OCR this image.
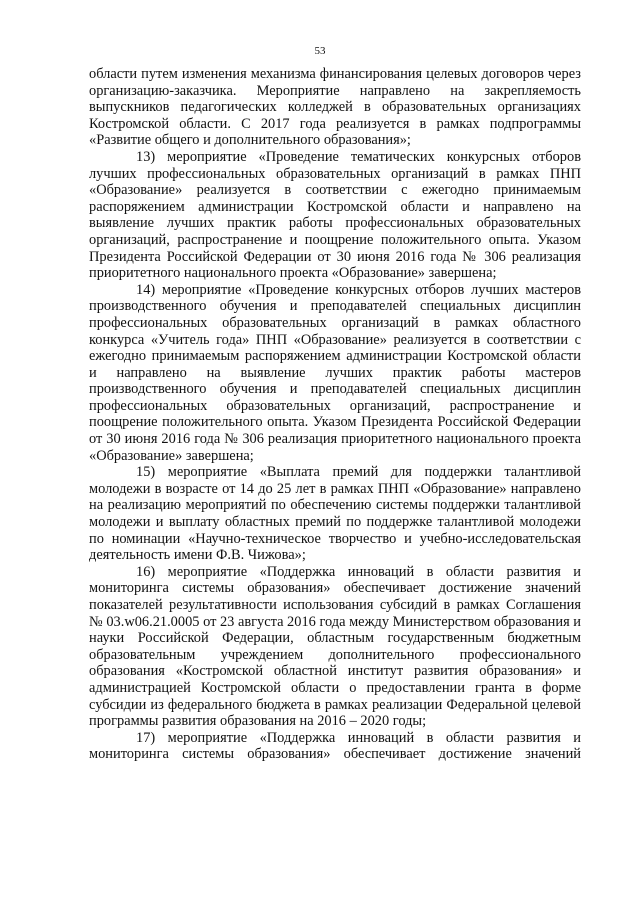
53

области путем изменения механизма финансирования целевых договоров через организацию-заказчика. Мероприятие направлено на закрепляемость выпускников педагогических колледжей в образовательных организациях Костромской области. С 2017 года реализуется в рамках подпрограммы «Развитие общего и дополнительного образования»;

13) мероприятие «Проведение тематических конкурсных отборов лучших профессиональных образовательных организаций в рамках ПНП «Образование» реализуется в соответствии с ежегодно принимаемым распоряжением администрации Костромской области и направлено на выявление лучших практик работы профессиональных образовательных организаций, распространение и поощрение положительного опыта. Указом Президента Российской Федерации от 30 июня 2016 года № 306 реализация приоритетного национального проекта «Образование» завершена;

14) мероприятие «Проведение конкурсных отборов лучших мастеров производственного обучения и преподавателей специальных дисциплин профессиональных образовательных организаций в рамках областного конкурса «Учитель года» ПНП «Образование» реализуется в соответствии с ежегодно принимаемым распоряжением администрации Костромской области и направлено на выявление лучших практик работы мастеров производственного обучения и преподавателей специальных дисциплин профессиональных образовательных организаций, распространение и поощрение положительного опыта. Указом Президента Российской Федерации от 30 июня 2016 года № 306 реализация приоритетного национального проекта «Образование» завершена;

15) мероприятие «Выплата премий для поддержки талантливой молодежи в возрасте от 14 до 25 лет в рамках ПНП «Образование» направлено на реализацию мероприятий по обеспечению системы поддержки талантливой молодежи и выплату областных премий по поддержке талантливой молодежи по номинации «Научно-техническое творчество и учебно-исследовательская деятельность имени Ф.В. Чижова»;

16) мероприятие «Поддержка инноваций в области развития и мониторинга системы образования» обеспечивает достижение значений показателей результативности использования субсидий в рамках Соглашения № 03.w06.21.0005 от 23 августа 2016 года между Министерством образования и науки Российской Федерации, областным государственным бюджетным образовательным учреждением дополнительного профессионального образования «Костромской областной институт развития образования» и администрацией Костромской области о предоставлении гранта в форме субсидии из федерального бюджета в рамках реализации Федеральной целевой программы развития образования на 2016 – 2020 годы;

17) мероприятие «Поддержка инноваций в области развития и мониторинга системы образования» обеспечивает достижение значений
